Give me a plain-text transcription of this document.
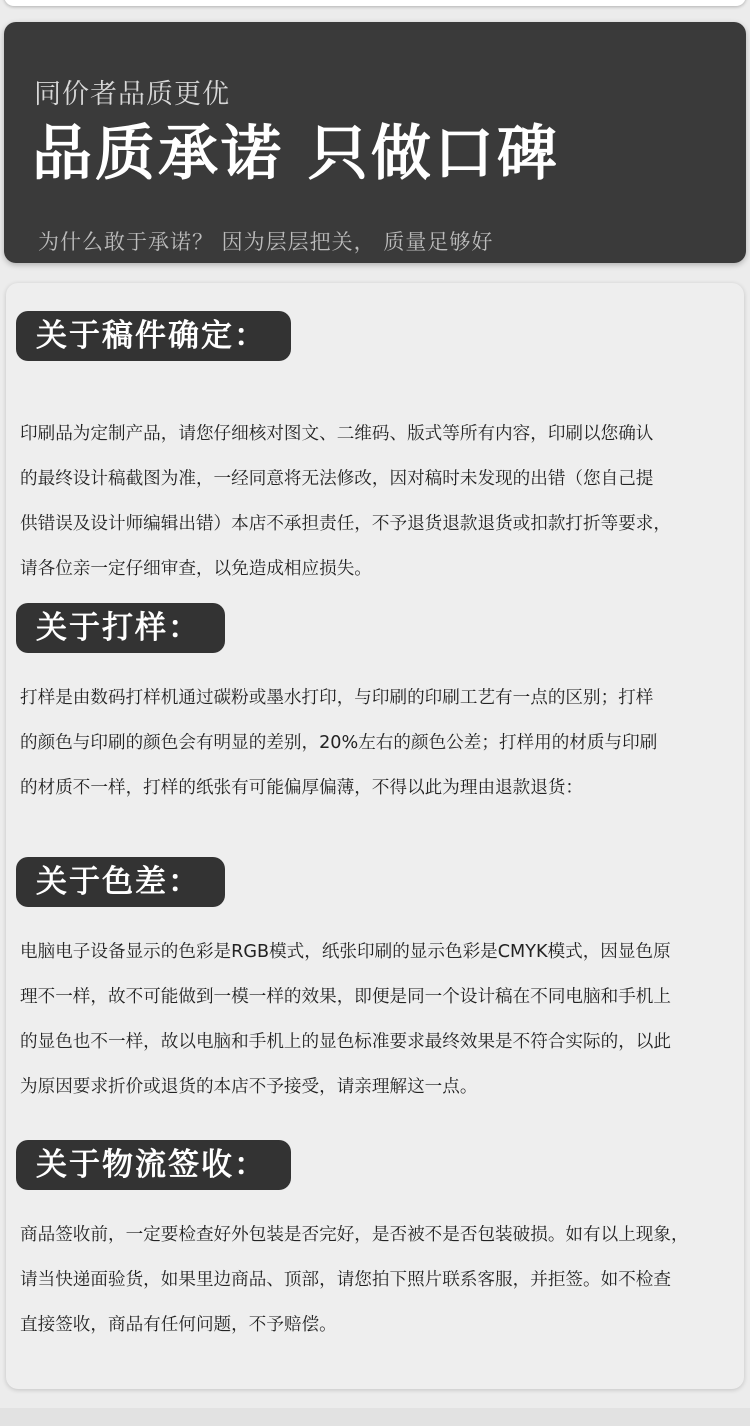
同价者品质更优
品质承诺 只做口碑
为什么敢于承诺？ 因为层层把关， 质量足够好
关于稿件确定：
印刷品为定制产品，请您仔细核对图文、二维码、版式等所有内容，印刷以您确认
的最终设计稿截图为准，一经同意将无法修改，因对稿时未发现的出错（您自己提
供错误及设计师编辑出错）本店不承担责任，不予退货退款退货或扣款打折等要求，
请各位亲一定仔细审查，以免造成相应损失。
关于打样：
打样是由数码打样机通过碳粉或墨水打印，与印刷的印刷工艺有一点的区别；打样
的颜色与印刷的颜色会有明显的差别，20%左右的颜色公差；打样用的材质与印刷
的材质不一样，打样的纸张有可能偏厚偏薄，不得以此为理由退款退货：
关于色差：
电脑电子设备显示的色彩是RGB模式，纸张印刷的显示色彩是CMYK模式，因显色原
理不一样，故不可能做到一模一样的效果，即便是同一个设计稿在不同电脑和手机上
的显色也不一样，故以电脑和手机上的显色标准要求最终效果是不符合实际的，以此
为原因要求折价或退货的本店不予接受，请亲理解这一点。
关于物流签收：
商品签收前，一定要检查好外包装是否完好，是否被不是否包装破损。如有以上现象，
请当快递面验货，如果里边商品、顶部，请您拍下照片联系客服，并拒签。如不检查
直接签收，商品有任何问题，不予赔偿。
